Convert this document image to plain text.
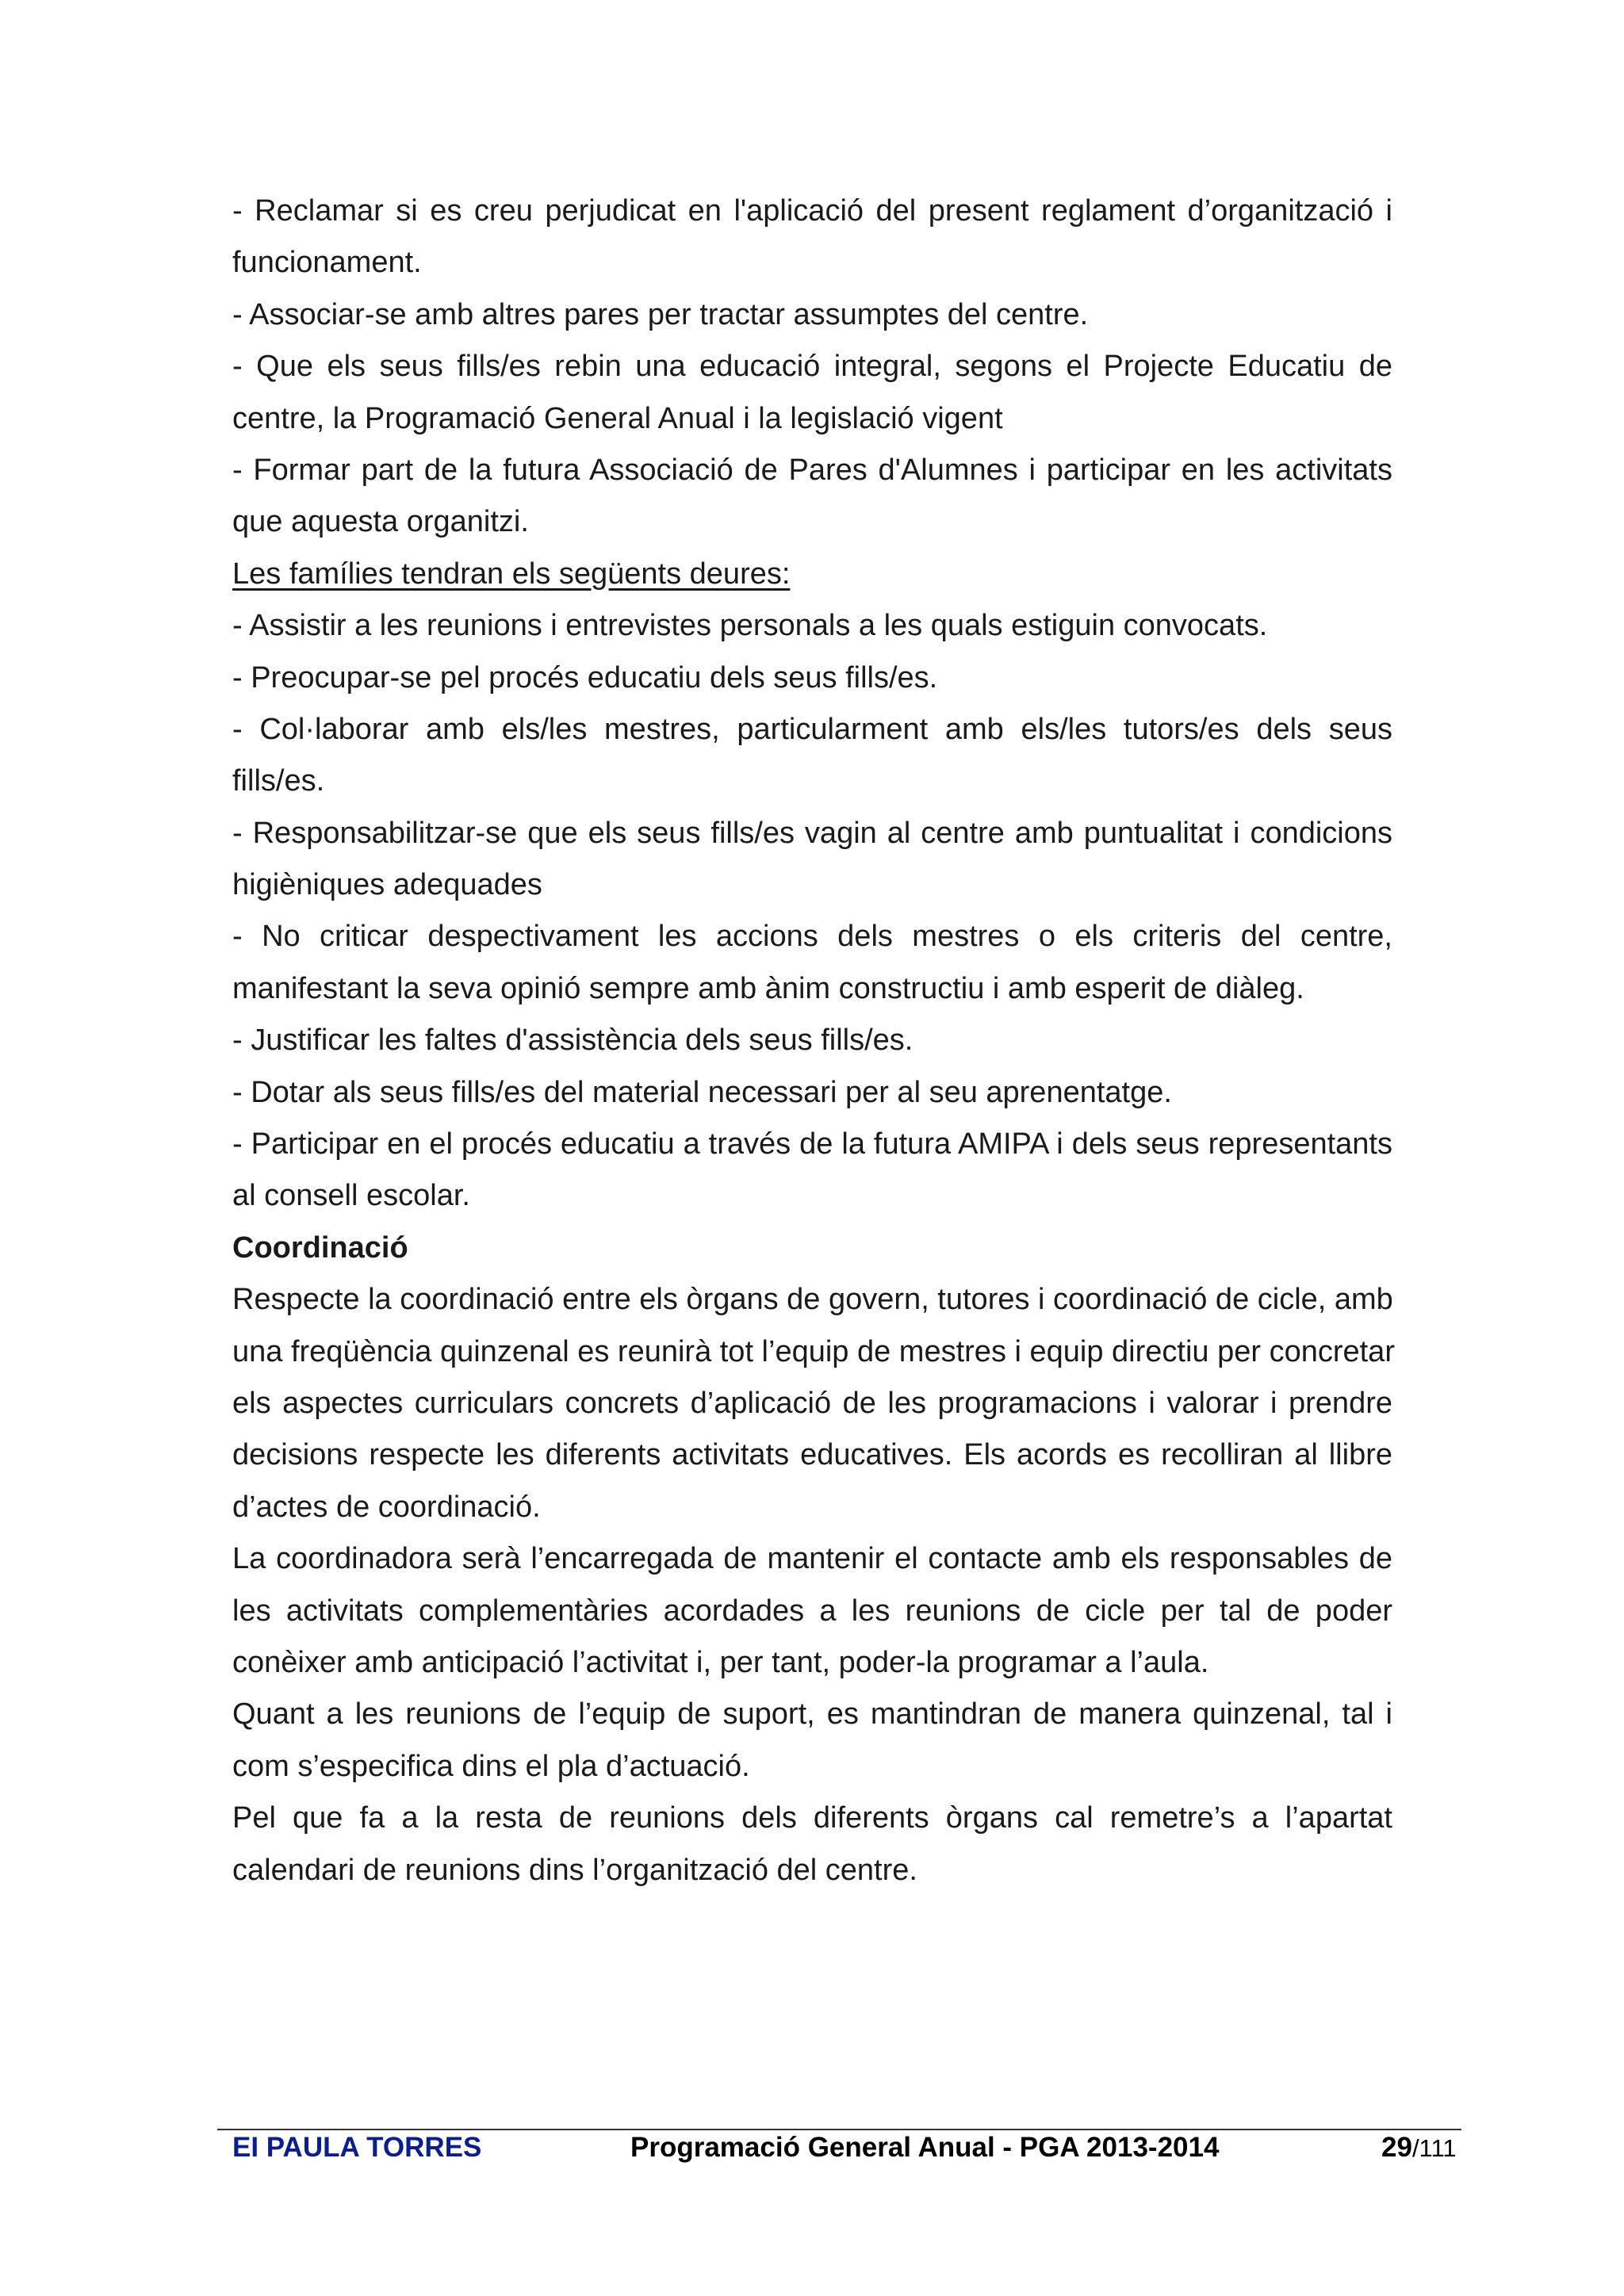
- Reclamar si es creu perjudicat en l'aplicació del present reglament d’organització i
funcionament.
- Associar-se amb altres pares per tractar assumptes del centre.
- Que els seus fills/es rebin una educació integral, segons el Projecte Educatiu de
centre, la Programació General Anual i la legislació vigent
- Formar part de la futura Associació de Pares d'Alumnes i participar en les activitats
que aquesta organitzi.
Les famílies tendran els següents deures:
- Assistir a les reunions i entrevistes personals a les quals estiguin convocats.
- Preocupar-se pel procés educatiu dels seus fills/es.
- Col·laborar amb els/les mestres, particularment amb els/les tutors/es dels seus
fills/es.
- Responsabilitzar-se que els seus fills/es vagin al centre amb puntualitat i condicions
higièniques adequades
- No criticar despectivament les accions dels mestres o els criteris del centre,
manifestant la seva opinió sempre amb ànim constructiu i amb esperit de diàleg.
- Justificar les faltes d'assistència dels seus fills/es.
- Dotar als seus fills/es del material necessari per al seu aprenentatge.
- Participar en el procés educatiu a través de la futura AMIPA i dels seus representants
al consell escolar.
Coordinació
Respecte la coordinació entre els òrgans de govern, tutores i coordinació de cicle, amb
una freqüència quinzenal es reunirà tot l’equip de mestres i equip directiu per concretar
els aspectes curriculars concrets d’aplicació de les programacions i valorar i prendre
decisions respecte les diferents activitats educatives. Els acords es recolliran al llibre
d’actes de coordinació.
La coordinadora serà l’encarregada de mantenir el contacte amb els responsables de
les activitats complementàries acordades a les reunions de cicle per tal de poder
conèixer amb anticipació l’activitat i, per tant, poder-la programar a l’aula.
Quant a les reunions de l’equip de suport, es mantindran de manera quinzenal, tal i
com s’especifica dins el pla d’actuació.
Pel que fa a la resta de reunions dels diferents òrgans cal remetre’s a l’apartat
calendari de reunions dins l’organització del centre.
EI PAULA TORRES	Programació General Anual - PGA 2013-2014	29/111
